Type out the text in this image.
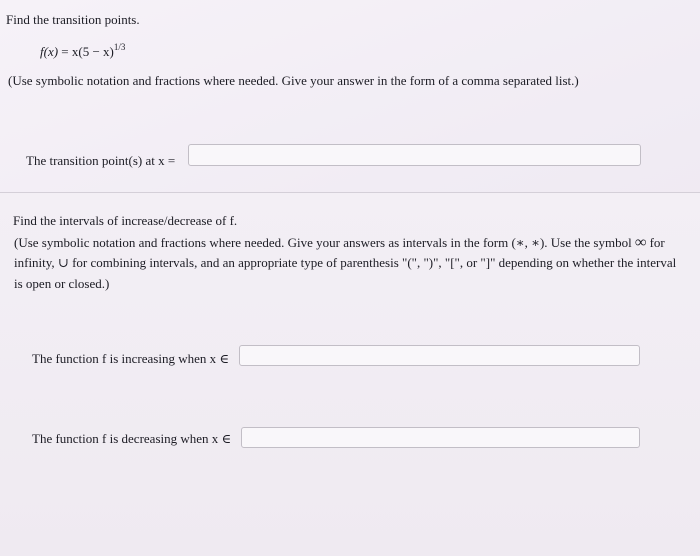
Find the transition points.
$f(x) = x(5 - x)^{1/3}$
(Use symbolic notation and fractions where needed. Give your answer in the form of a comma separated list.)
The transition point(s) at x =
Find the intervals of increase/decrease of f.
(Use symbolic notation and fractions where needed. Give your answers as intervals in the form (∗, ∗). Use the symbol ∞ for
infinity, ∪ for combining intervals, and an appropriate type of parenthesis "(", ")", "[", or "]" depending on whether the interval
is open or closed.)
The function f is increasing when x ∈
The function f is decreasing when x ∈
